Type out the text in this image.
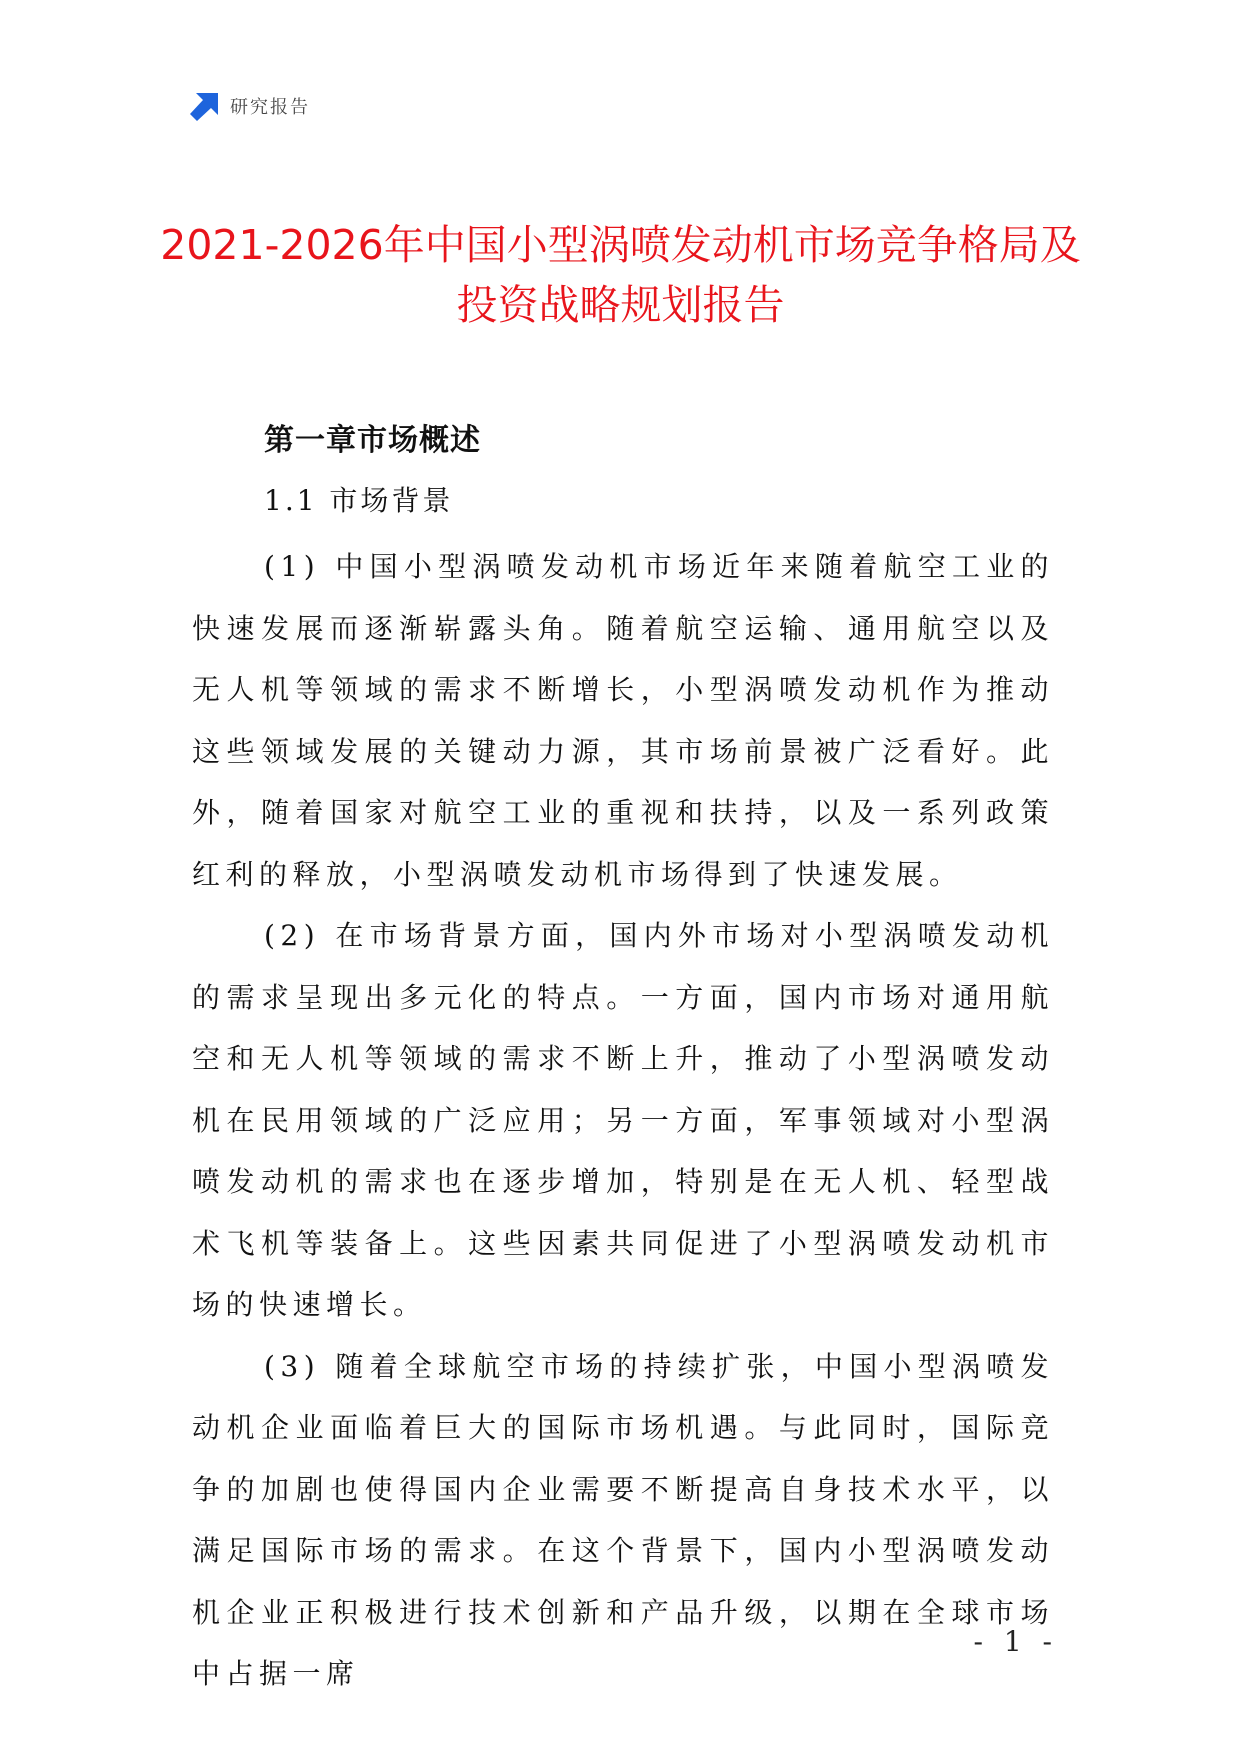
研究报告
2021-2026年中国小型涡喷发动机市场竞争格局及投资战略规划报告
第一章市场概述
1.1 市场背景

(1) 中国小型涡喷发动机市场近年来随着航空工业的快速发展而逐渐崭露头角。随着航空运输、通用航空以及无人机等领域的需求不断增长，小型涡喷发动机作为推动这些领域发展的关键动力源，其市场前景被广泛看好。此外，随着国家对航空工业的重视和扶持，以及一系列政策红利的释放，小型涡喷发动机市场得到了快速发展。

(2) 在市场背景方面，国内外市场对小型涡喷发动机的需求呈现出多元化的特点。一方面，国内市场对通用航空和无人机等领域的需求不断上升，推动了小型涡喷发动机在民用领域的广泛应用；另一方面，军事领域对小型涡喷发动机的需求也在逐步增加，特别是在无人机、轻型战术飞机等装备上。这些因素共同促进了小型涡喷发动机市场的快速增长。

(3) 随着全球航空市场的持续扩张，中国小型涡喷发动机企业面临着巨大的国际市场机遇。与此同时，国际竞争的加剧也使得国内企业需要不断提高自身技术水平，以满足国际市场的需求。在这个背景下，国内小型涡喷发动机企业正积极进行技术创新和产品升级，以期在全球市场中占据一席

- 1 -
